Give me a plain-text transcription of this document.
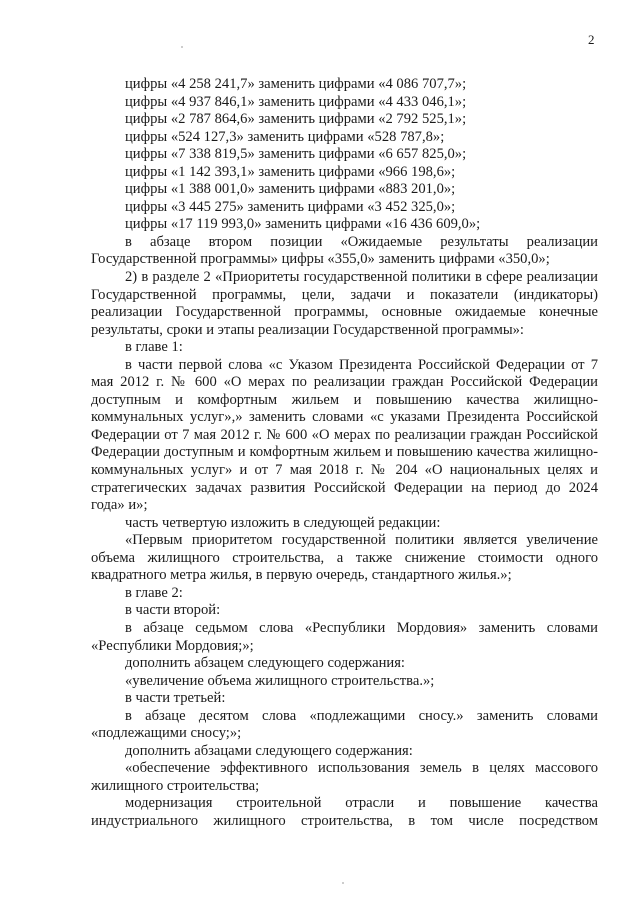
2

цифры «4 258 241,7» заменить цифрами «4 086 707,7»;

цифры «4 937 846,1» заменить цифрами «4 433 046,1»;

цифры «2 787 864,6» заменить цифрами «2 792 525,1»;

цифры «524 127,3» заменить цифрами «528 787,8»;

цифры «7 338 819,5» заменить цифрами «6 657 825,0»;

цифры «1 142 393,1» заменить цифрами «966 198,6»;

цифры «1 388 001,0» заменить цифрами «883 201,0»;

цифры «3 445 275» заменить цифрами «3 452 325,0»;

цифры «17 119 993,0» заменить цифрами «16 436 609,0»;

в абзаце втором позиции «Ожидаемые результаты реализации Государственной программы» цифры «355,0» заменить цифрами «350,0»;

2) в разделе 2 «Приоритеты государственной политики в сфере реализации Государственной программы, цели, задачи и показатели (индикаторы) реализации Государственной программы, основные ожидаемые конечные результаты, сроки и этапы реализации Государственной программы»:

в главе 1:

в части первой слова «с Указом Президента Российской Федерации от 7 мая 2012 г. № 600 «О мерах по реализации граждан Российской Федерации доступным и комфортным жильем и повышению качества жилищно-коммунальных услуг»,» заменить словами «с указами Президента Российской Федерации от 7 мая 2012 г. № 600 «О мерах по реализации граждан Российской Федерации доступным и комфортным жильем и повышению качества жилищно-коммунальных услуг» и от 7 мая 2018 г. № 204 «О национальных целях и стратегических задачах развития Российской Федерации на период до 2024 года» и»;

часть четвертую изложить в следующей редакции:

«Первым приоритетом государственной политики является увеличение объема жилищного строительства, а также снижение стоимости одного квадратного метра жилья, в первую очередь, стандартного жилья.»;

в главе 2:

в части второй:

в абзаце седьмом слова «Республики Мордовия» заменить словами «Республики Мордовия;»;

дополнить абзацем следующего содержания:

«увеличение объема жилищного строительства.»;

в части третьей:

в абзаце десятом слова «подлежащими сносу.» заменить словами «подлежащими сносу;»;

дополнить абзацами следующего содержания:

«обеспечение эффективного использования земель в целях массового жилищного строительства;

модернизация строительной отрасли и повышение качества индустриального жилищного строительства, в том числе посредством
